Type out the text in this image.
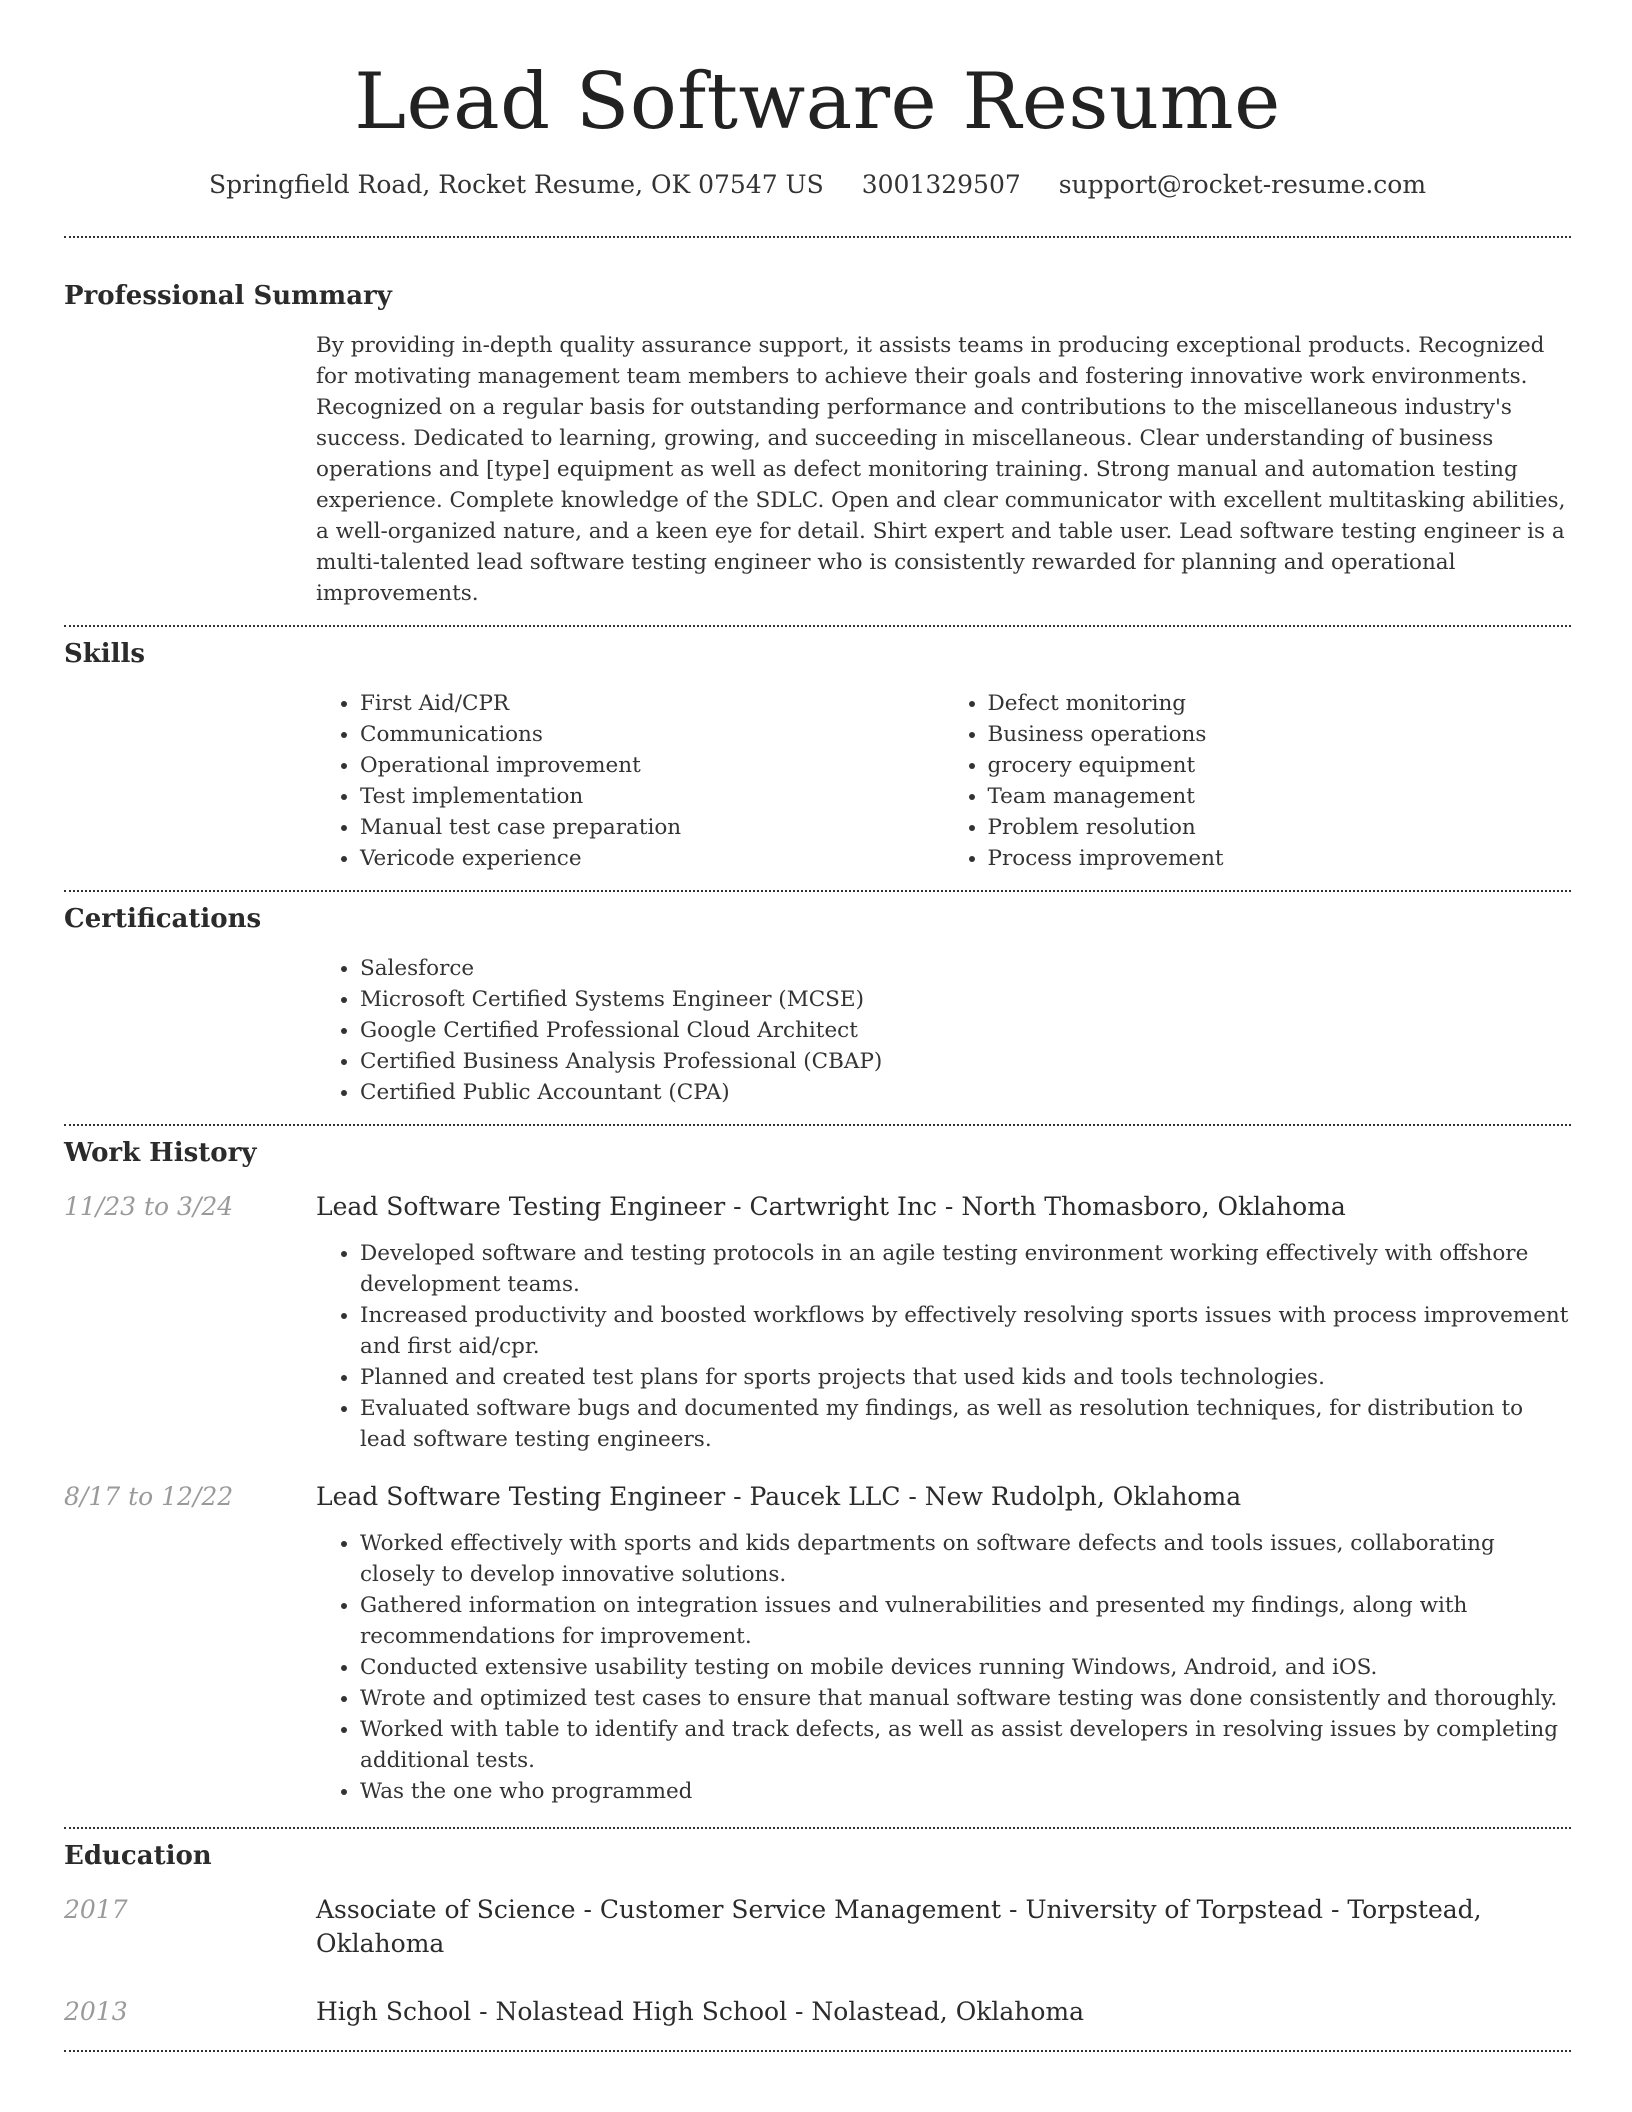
Lead Software Resume
Springfield Road, Rocket Resume, OK 07547 US 3001329507 support@rocket-resume.com
Professional Summary

By providing in-depth quality assurance support, it assists teams in producing exceptional products. Recognized for motivating management team members to achieve their goals and fostering innovative work environments. Recognized on a regular basis for outstanding performance and contributions to the miscellaneous industry's success. Dedicated to learning, growing, and succeeding in miscellaneous. Clear understanding of business operations and [type] equipment as well as defect monitoring training. Strong manual and automation testing experience. Complete knowledge of the SDLC. Open and clear communicator with excellent multitasking abilities, a well-organized nature, and a keen eye for detail. Shirt expert and table user. Lead software testing engineer is a multi-talented lead software testing engineer who is consistently rewarded for planning and operational improvements.

Skills
• First Aid/CPR
• Communications
• Operational improvement
• Test implementation
• Manual test case preparation
• Vericode experience
• Defect monitoring
• Business operations
• grocery equipment
• Team management
• Problem resolution
• Process improvement
Certifications
• Salesforce
• Microsoft Certified Systems Engineer (MCSE)
• Google Certified Professional Cloud Architect
• Certified Business Analysis Professional (CBAP)
• Certified Public Accountant (CPA)
Work History
11/23 to 3/24	Lead Software Testing Engineer - Cartwright Inc - North Thomasboro, Oklahoma
• Developed software and testing protocols in an agile testing environment working effectively with offshore development teams.
• Increased productivity and boosted workflows by effectively resolving sports issues with process improvement and first aid/cpr.
• Planned and created test plans for sports projects that used kids and tools technologies.
• Evaluated software bugs and documented my findings, as well as resolution techniques, for distribution to lead software testing engineers.
8/17 to 12/22	Lead Software Testing Engineer - Paucek LLC - New Rudolph, Oklahoma
• Worked effectively with sports and kids departments on software defects and tools issues, collaborating closely to develop innovative solutions.
• Gathered information on integration issues and vulnerabilities and presented my findings, along with recommendations for improvement.
• Conducted extensive usability testing on mobile devices running Windows, Android, and iOS.
• Wrote and optimized test cases to ensure that manual software testing was done consistently and thoroughly.
• Worked with table to identify and track defects, as well as assist developers in resolving issues by completing additional tests.
• Was the one who programmed
Education
2017	Associate of Science - Customer Service Management - University of Torpstead - Torpstead, Oklahoma
2013	High School - Nolastead High School - Nolastead, Oklahoma
